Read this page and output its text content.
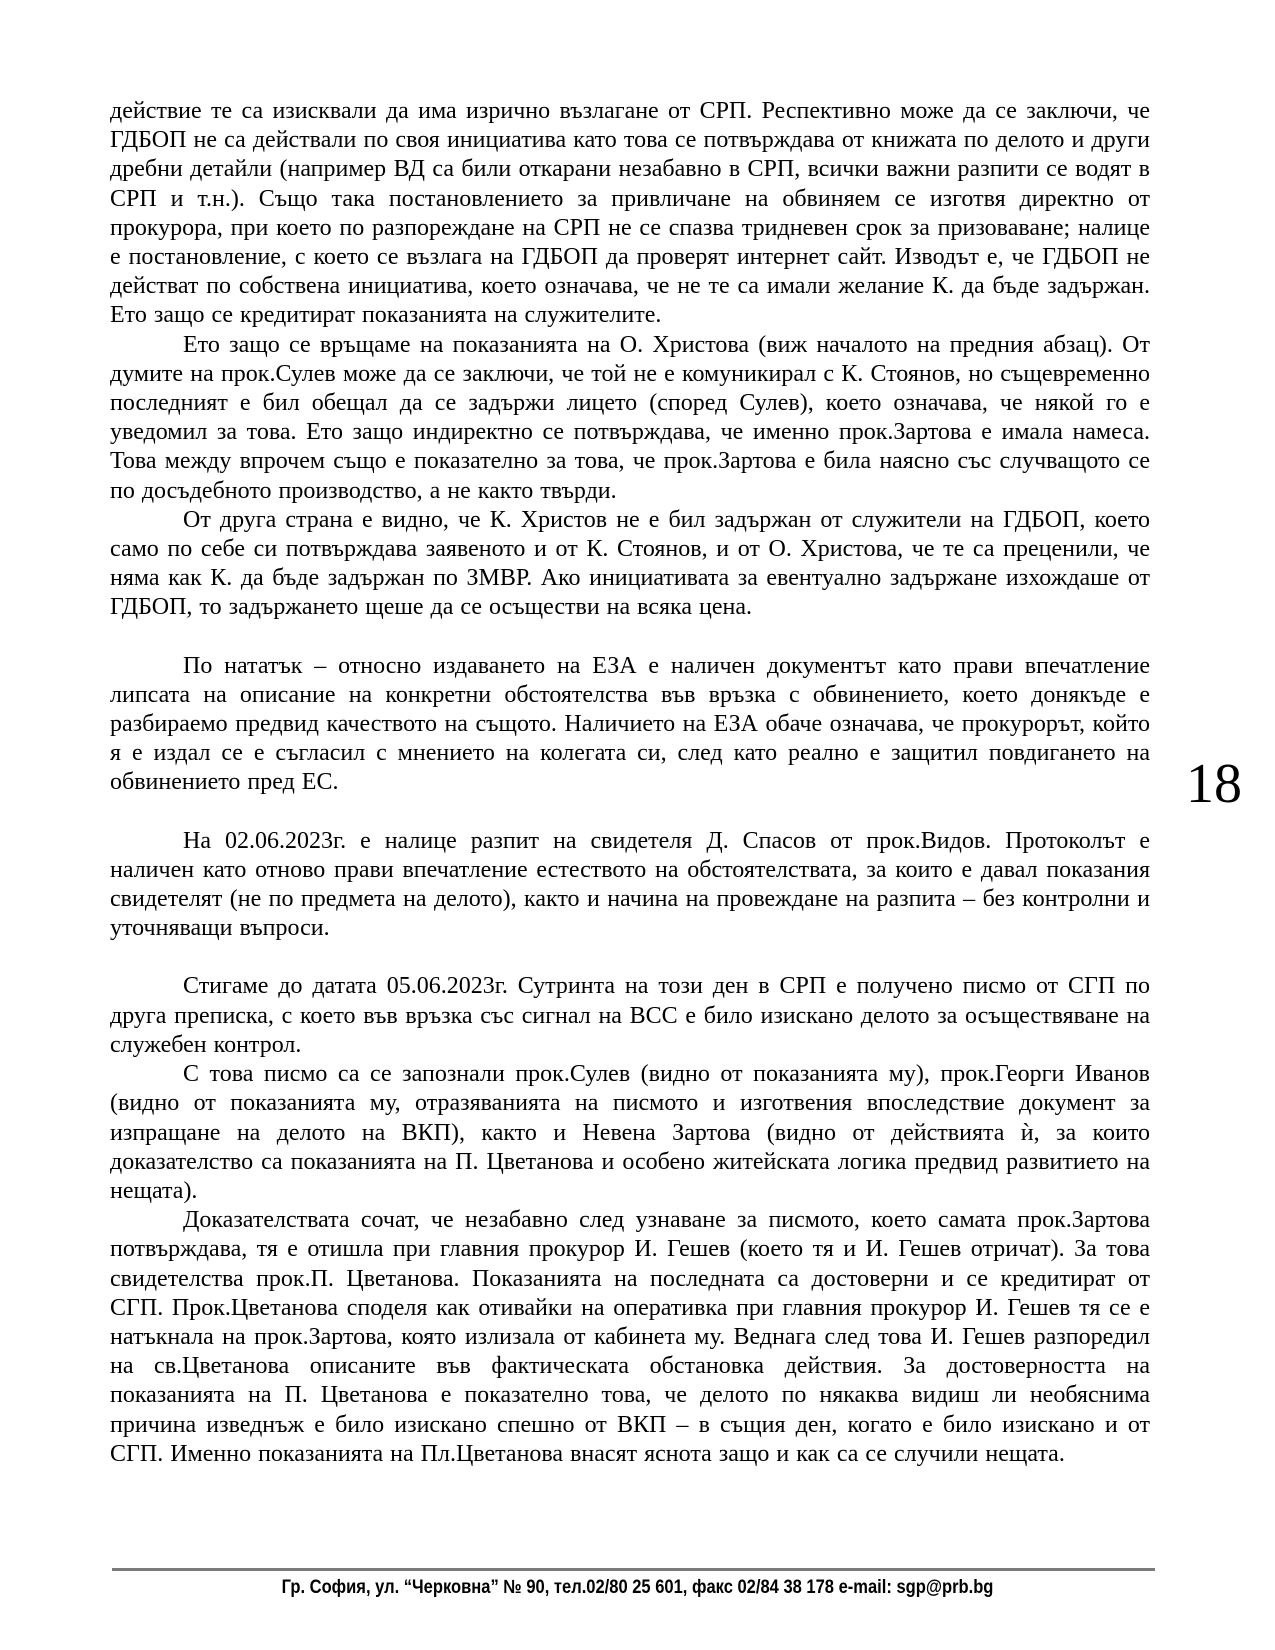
действие те са изисквали да има изрично възлагане от СРП. Респективно може да се заключи, че ГДБОП не са действали по своя инициатива като това се потвърждава от книжата по делото и други дребни детайли (например ВД са били откарани незабавно в СРП, всички важни разпити се водят в СРП и т.н.). Също така постановлението за привличане на обвиняем се изготвя директно от прокурора, при което по разпореждане на СРП не се спазва тридневен срок за призоваване; налице е постановление, с което се възлага на ГДБОП да проверят интернет сайт. Изводът е, че ГДБОП не действат по собствена инициатива, което означава, че не те са имали желание К. да бъде задържан. Ето защо се кредитират показанията на служителите.

Ето защо се връщаме на показанията на О. Христова (виж началото на предния абзац). От думите на прок.Сулев може да се заключи, че той не е комуникирал с К. Стоянов, но същевременно последният е бил обещал да се задържи лицето (според Сулев), което означава, че някой го е уведомил за това. Ето защо индиректно се потвърждава, че именно прок.Зартова е имала намеса. Това между впрочем също е показателно за това, че прок.Зартова е била наясно със случващото се по досъдебното производство, а не както твърди.

От друга страна е видно, че К. Христов не е бил задържан от служители на ГДБОП, което само по себе си потвърждава заявеното и от К. Стоянов, и от О. Христова, че те са преценили, че няма как К. да бъде задържан по ЗМВР. Ако инициативата за евентуално задържане изхождаше от ГДБОП, то задържането щеше да се осъществи на всяка цена.

По нататък – относно издаването на ЕЗА е наличен документът като прави впечатление липсата на описание на конкретни обстоятелства във връзка с обвинението, което донякъде е разбираемо предвид качеството на същото. Наличието на ЕЗА обаче означава, че прокурорът, който я е издал се е съгласил с мнението на колегата си, след като реално е защитил повдигането на обвинението пред ЕС.

На 02.06.2023г. е налице разпит на свидетеля Д. Спасов от прок.Видов. Протоколът е наличен като отново прави впечатление естеството на обстоятелствата, за които е давал показания свидетелят (не по предмета на делото), както и начина на провеждане на разпита – без контролни и уточняващи въпроси.

Стигаме до датата 05.06.2023г. Сутринта на този ден в СРП е получено писмо от СГП по друга преписка, с което във връзка със сигнал на ВСС е било изискано делото за осъществяване на служебен контрол.

С това писмо са се запознали прок.Сулев (видно от показанията му), прок.Георги Иванов (видно от показанията му, отразяванията на писмото и изготвения впоследствие документ за изпращане на делото на ВКП), както и Невена Зартова (видно от действията ѝ, за които доказателство са показанията на П. Цветанова и особено житейската логика предвид развитието на нещата).

Доказателствата сочат, че незабавно след узнаване за писмото, което самата прок.Зартова потвърждава, тя е отишла при главния прокурор И. Гешев (което тя и И. Гешев отричат). За това свидетелства прок.П. Цветанова. Показанията на последната са достоверни и се кредитират от СГП. Прок.Цветанова споделя как отивайки на оперативка при главния прокурор И. Гешев тя се е натъкнала на прок.Зартова, която излизала от кабинета му. Веднага след това И. Гешев разпоредил на св.Цветанова описаните във фактическата обстановка действия. За достоверността на показанията на П. Цветанова е показателно това, че делото по някаква видиш ли необяснима причина изведнъж е било изискано спешно от ВКП – в същия ден, когато е било изискано и от СГП. Именно показанията на Пл.Цветанова внасят яснота защо и как са се случили нещата.

18
Гр. София, ул. “Черковна” № 90, тел.02/80 25 601, факс 02/84 38 178 e-mail: sgp@prb.bg
